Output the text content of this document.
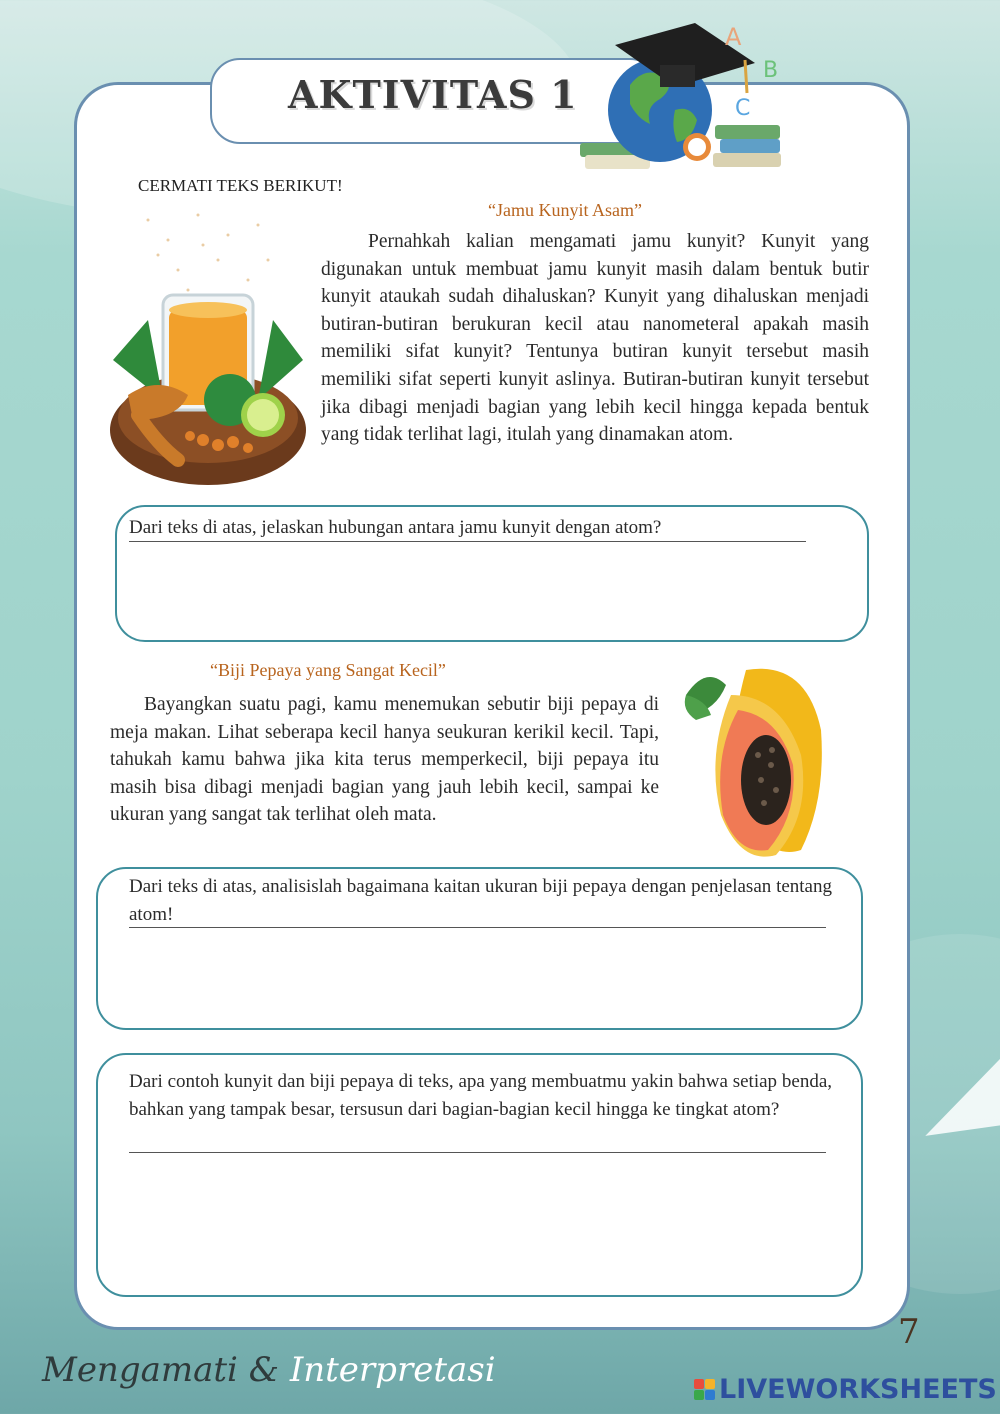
AKTIVITAS 1
A
B
C
CERMATI TEKS BERIKUT!
“Jamu Kunyit Asam”

Pernahkah kalian mengamati jamu kunyit? Kunyit yang digunakan untuk membuat jamu kunyit masih dalam bentuk butir kunyit ataukah sudah dihaluskan? Kunyit yang dihaluskan menjadi butiran-butiran berukuran kecil atau nanometeral apakah masih memiliki sifat kunyit? Tentunya butiran kunyit tersebut masih memiliki sifat seperti kunyit aslinya. Butiran-butiran kunyit tersebut jika dibagi menjadi bagian yang lebih kecil hingga kepada bentuk yang tidak terlihat lagi, itulah yang dinamakan atom.

Dari teks di atas, jelaskan hubungan antara jamu kunyit dengan atom?

“Biji Pepaya yang Sangat Kecil”

Bayangkan suatu pagi, kamu menemukan sebutir biji pepaya di meja makan. Lihat seberapa kecil hanya seukuran kerikil kecil. Tapi, tahukah kamu bahwa jika kita terus memperkecil, biji pepaya itu masih bisa dibagi menjadi bagian yang jauh lebih kecil, sampai ke ukuran yang sangat tak terlihat oleh mata.

Dari teks di atas, analisislah bagaimana kaitan ukuran biji pepaya dengan penjelasan tentang atom!

Dari contoh kunyit dan biji pepaya di teks, apa yang membuatmu yakin bahwa setiap benda, bahkan yang tampak besar, tersusun dari bagian-bagian kecil hingga ke tingkat atom?

7
Mengamati & Interpretasi	LIVEWORKSHEETS
